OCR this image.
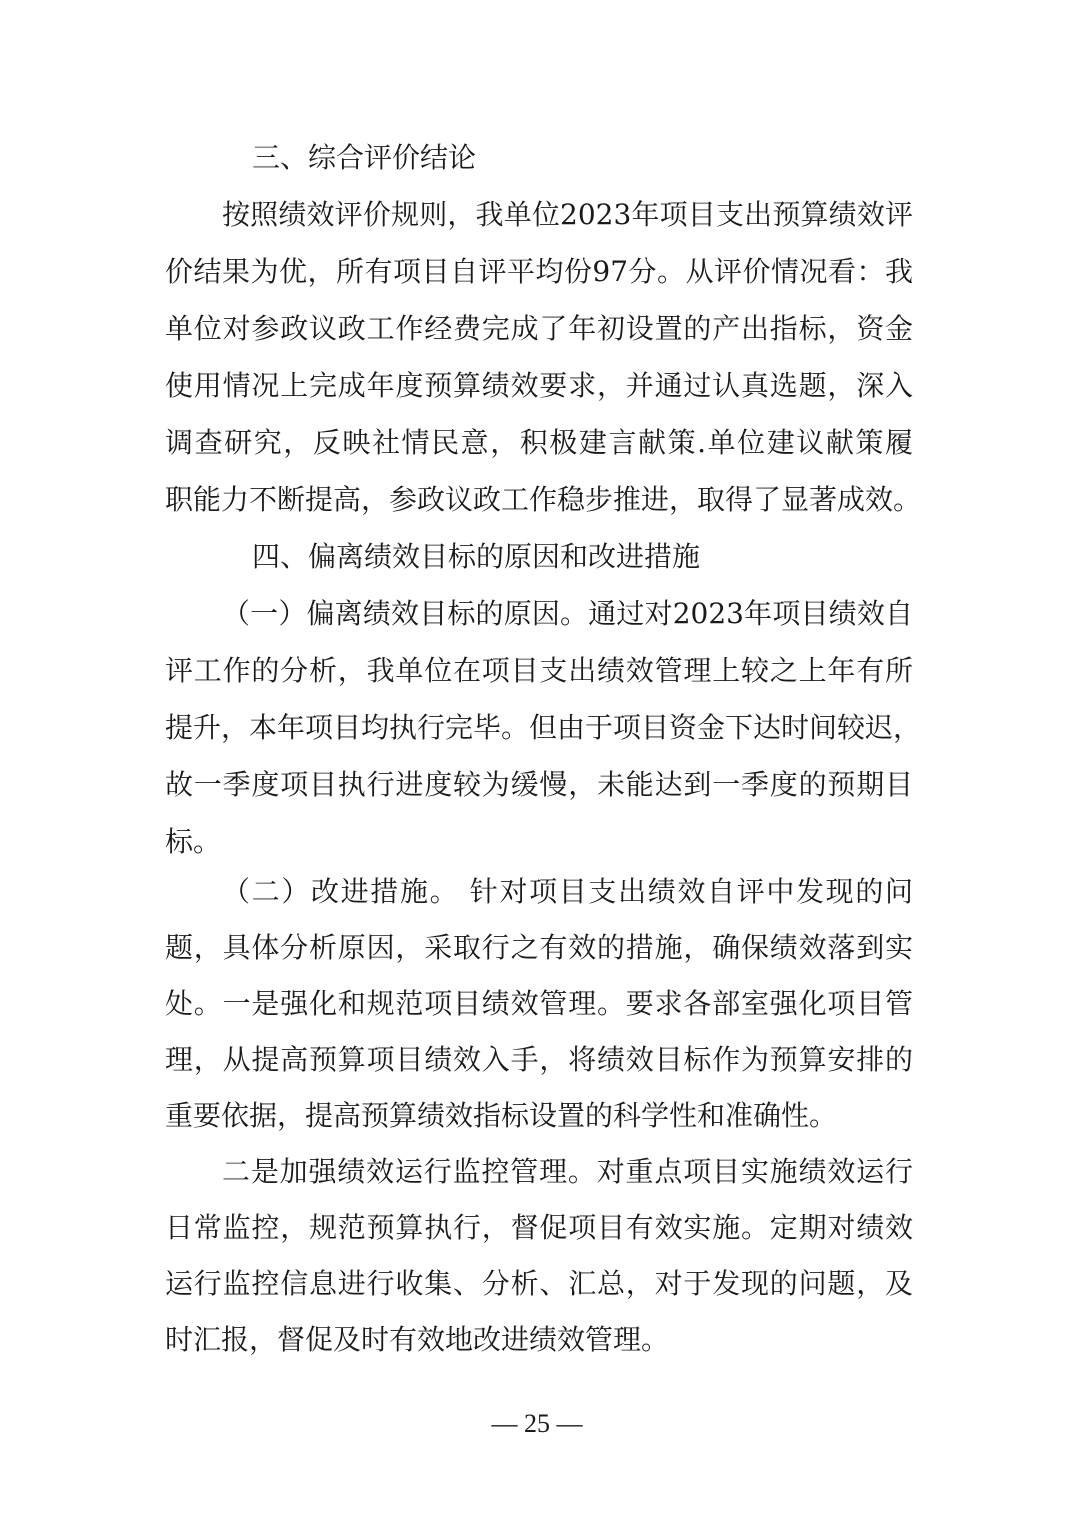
三、综合评价结论
按照绩效评价规则，我单位2023年项目支出预算绩效评
价结果为优，所有项目自评平均份97分。从评价情况看：我
单位对参政议政工作经费完成了年初设置的产出指标，资金
使用情况上完成年度预算绩效要求，并通过认真选题，深入
调查研究，反映社情民意，积极建言献策.单位建议献策履
职能力不断提高，参政议政工作稳步推进，取得了显著成效。
四、偏离绩效目标的原因和改进措施
（一）偏离绩效目标的原因。通过对2023年项目绩效自
评工作的分析，我单位在项目支出绩效管理上较之上年有所
提升，本年项目均执行完毕。但由于项目资金下达时间较迟，
故一季度项目执行进度较为缓慢，未能达到一季度的预期目
标。
（二）改进措施。 针对项目支出绩效自评中发现的问
题，具体分析原因，采取行之有效的措施，确保绩效落到实
处。一是强化和规范项目绩效管理。要求各部室强化项目管
理，从提高预算项目绩效入手，将绩效目标作为预算安排的
重要依据，提高预算绩效指标设置的科学性和准确性。
二是加强绩效运行监控管理。对重点项目实施绩效运行
日常监控，规范预算执行，督促项目有效实施。定期对绩效
运行监控信息进行收集、分析、汇总，对于发现的问题，及
时汇报，督促及时有效地改进绩效管理。
— 25 —
